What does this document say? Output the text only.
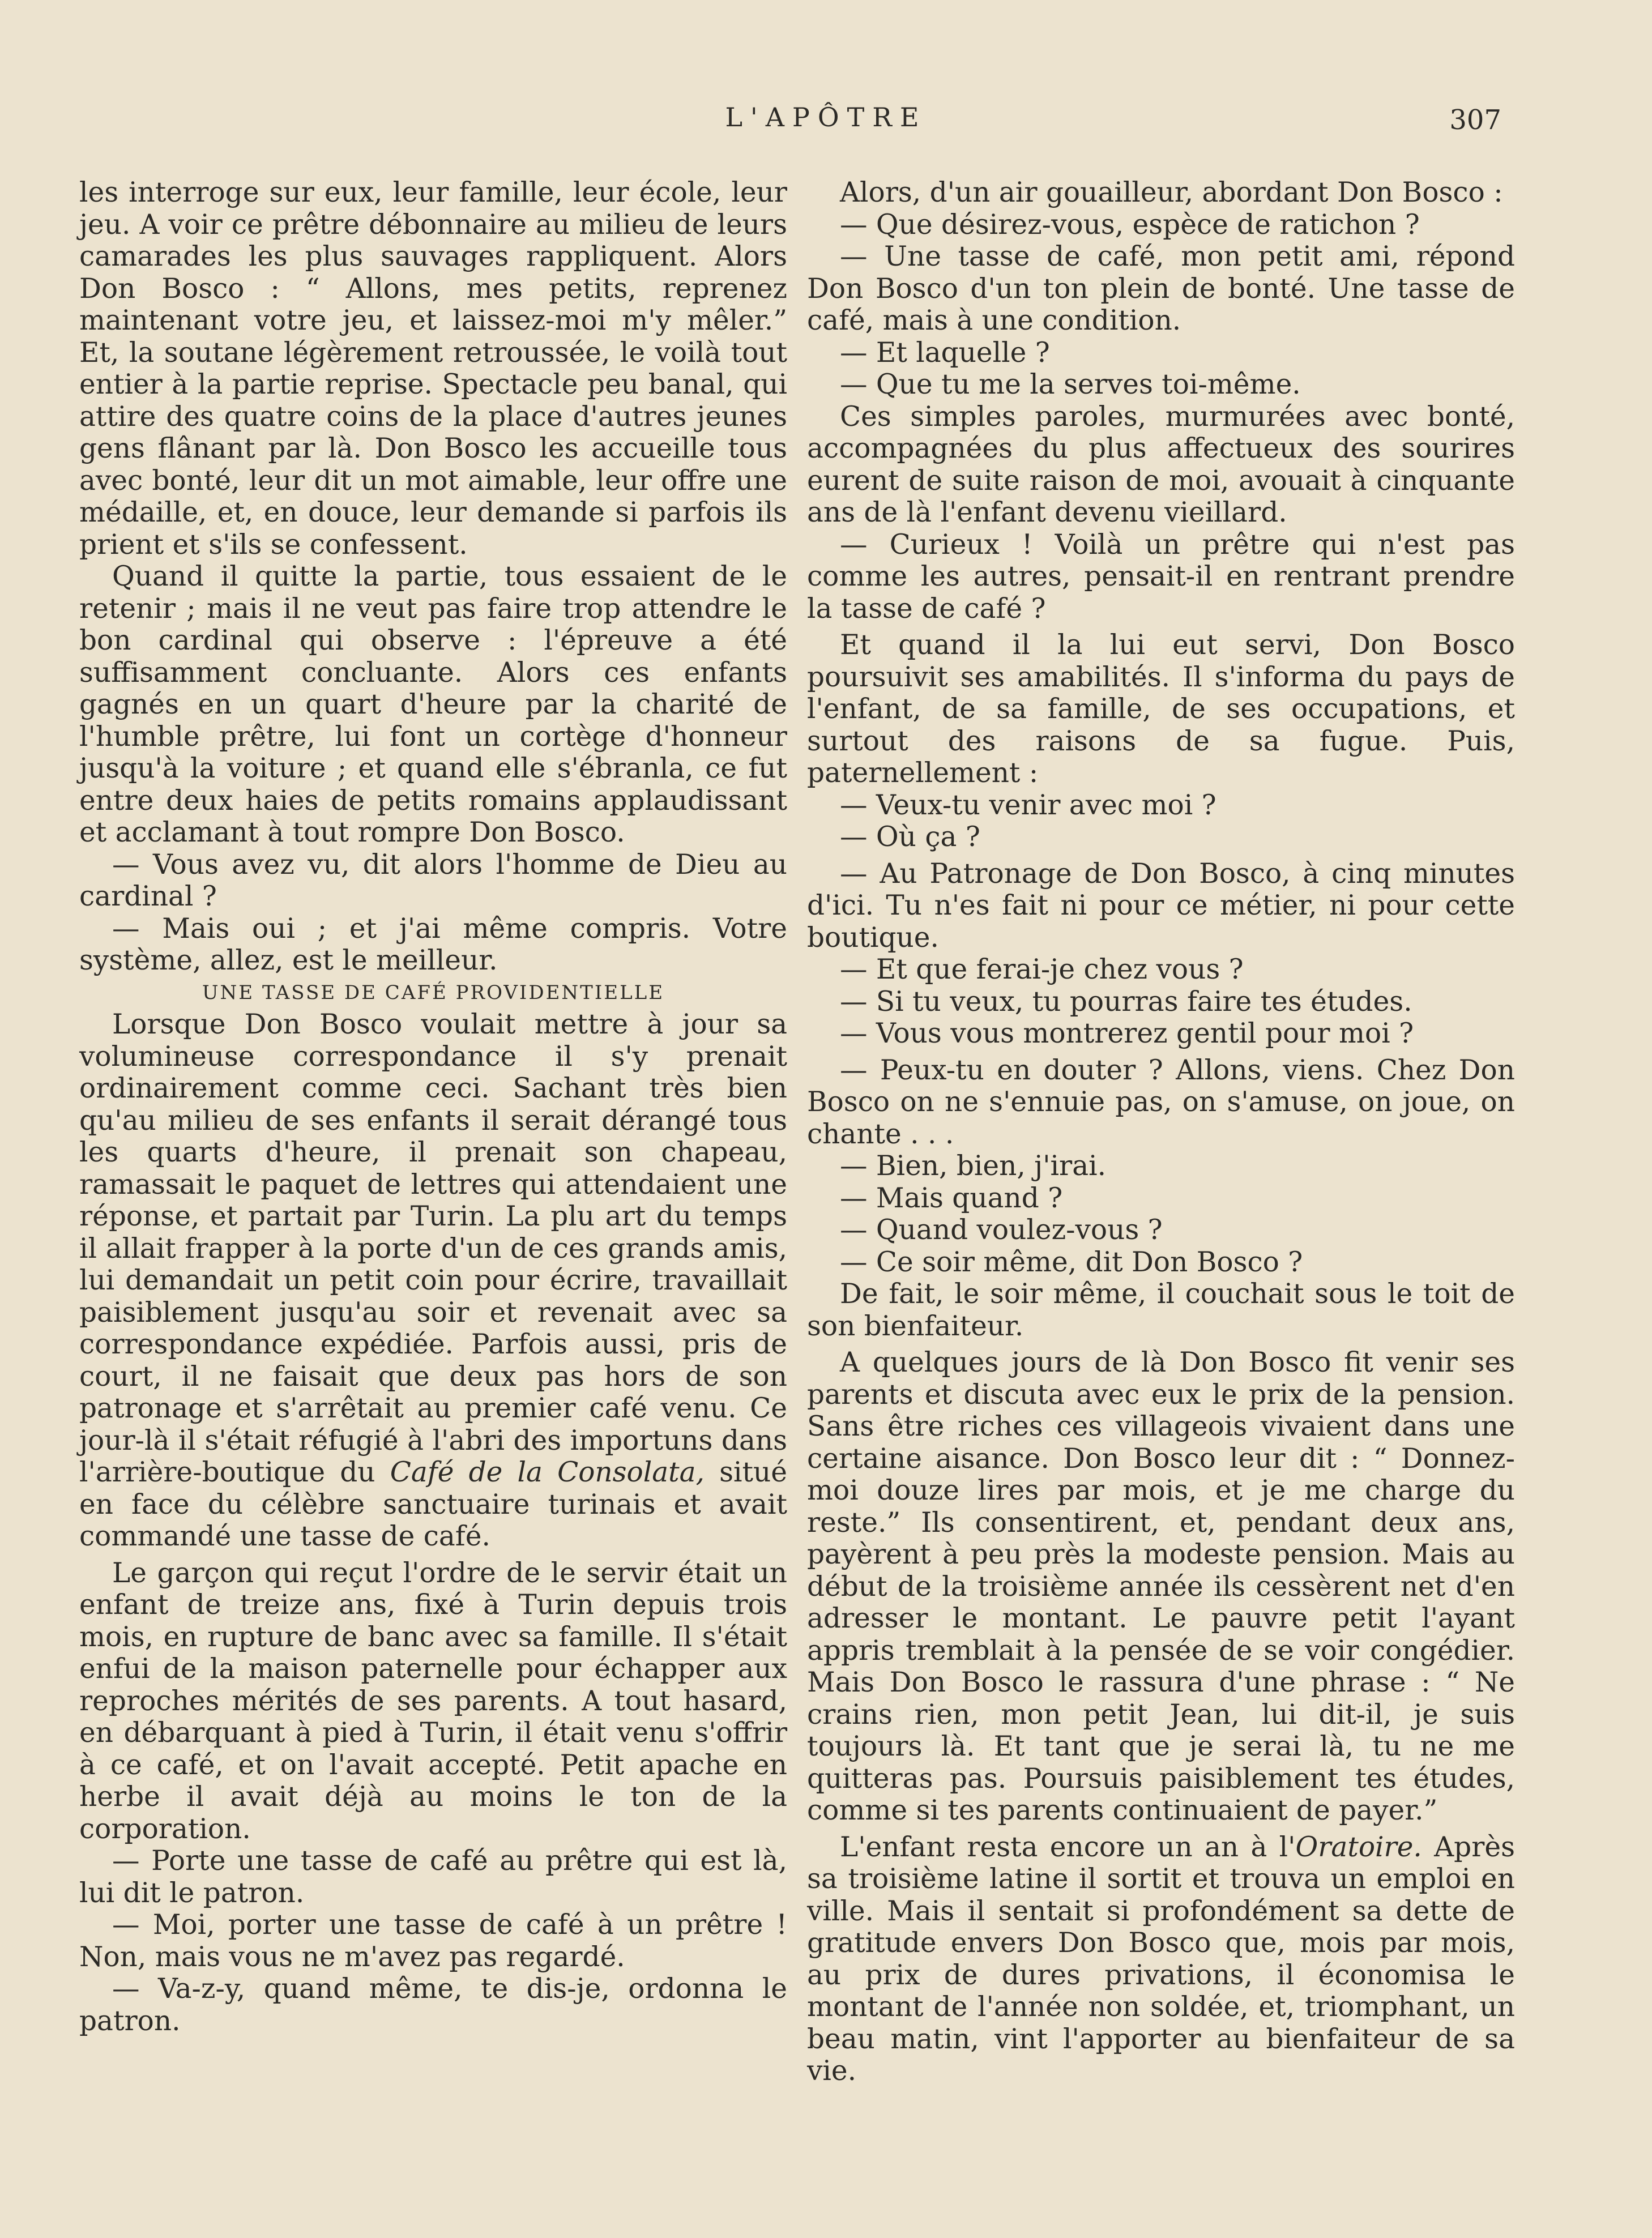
L'APÔTRE	307

les interroge sur eux, leur famille, leur école, leur jeu. A voir ce prêtre débonnaire au milieu de leurs camarades les plus sauvages rappliquent. Alors Don Bosco : “ Allons, mes petits, reprenez maintenant votre jeu, et laissez-moi m'y mêler.” Et, la soutane légèrement retroussée, le voilà tout entier à la partie reprise. Spectacle peu banal, qui attire des quatre coins de la place d'autres jeunes gens flânant par là. Don Bosco les accueille tous avec bonté, leur dit un mot aimable, leur offre une médaille, et, en douce, leur demande si parfois ils prient et s'ils se confessent.

Quand il quitte la partie, tous essaient de le retenir ; mais il ne veut pas faire trop attendre le bon cardinal qui observe : l'épreuve a été suffisamment concluante. Alors ces enfants gagnés en un quart d'heure par la charité de l'humble prêtre, lui font un cortège d'honneur jusqu'à la voiture ; et quand elle s'ébranla, ce fut entre deux haies de petits romains applaudissant et acclamant à tout rompre Don Bosco.

— Vous avez vu, dit alors l'homme de Dieu au cardinal ?

— Mais oui ; et j'ai même compris. Votre système, allez, est le meilleur.

UNE TASSE DE CAFÉ PROVIDENTIELLE

Lorsque Don Bosco voulait mettre à jour sa volumineuse correspondance il s'y prenait ordinairement comme ceci. Sachant très bien qu'au milieu de ses enfants il serait dérangé tous les quarts d'heure, il prenait son chapeau, ramassait le paquet de lettres qui attendaient une réponse, et partait par Turin. La plu art du temps il allait frapper à la porte d'un de ces grands amis, lui demandait un petit coin pour écrire, travaillait paisiblement jusqu'au soir et revenait avec sa correspondance expédiée. Parfois aussi, pris de court, il ne faisait que deux pas hors de son patronage et s'arrêtait au premier café venu. Ce jour-là il s'était réfugié à l'abri des importuns dans l'arrière-boutique du Café de la Consolata, situé en face du célèbre sanctuaire turinais et avait commandé une tasse de café.

Le garçon qui reçut l'ordre de le servir était un enfant de treize ans, fixé à Turin depuis trois mois, en rupture de banc avec sa famille. Il s'était enfui de la maison paternelle pour échapper aux reproches mérités de ses parents. A tout hasard, en débarquant à pied à Turin, il était venu s'offrir à ce café, et on l'avait accepté. Petit apache en herbe il avait déjà au moins le ton de la corporation.

— Porte une tasse de café au prêtre qui est là, lui dit le patron.

— Moi, porter une tasse de café à un prêtre ! Non, mais vous ne m'avez pas regardé.

— Va-z-y, quand même, te dis-je, ordonna le patron.

Alors, d'un air gouailleur, abordant Don Bosco :

— Que désirez-vous, espèce de ratichon ?

— Une tasse de café, mon petit ami, répond Don Bosco d'un ton plein de bonté. Une tasse de café, mais à une condition.

— Et laquelle ?

— Que tu me la serves toi-même.

Ces simples paroles, murmurées avec bonté, accompagnées du plus affectueux des sourires eurent de suite raison de moi, avouait à cinquante ans de là l'enfant devenu vieillard.

— Curieux ! Voilà un prêtre qui n'est pas comme les autres, pensait-il en rentrant prendre la tasse de café ?

Et quand il la lui eut servi, Don Bosco poursuivit ses amabilités. Il s'informa du pays de l'enfant, de sa famille, de ses occupations, et surtout des raisons de sa fugue. Puis, paternellement :

— Veux-tu venir avec moi ?

— Où ça ?

— Au Patronage de Don Bosco, à cinq minutes d'ici. Tu n'es fait ni pour ce métier, ni pour cette boutique.

— Et que ferai-je chez vous ?

— Si tu veux, tu pourras faire tes études.

— Vous vous montrerez gentil pour moi ?

— Peux-tu en douter ? Allons, viens. Chez Don Bosco on ne s'ennuie pas, on s'amuse, on joue, on chante . . .

— Bien, bien, j'irai.

— Mais quand ?

— Quand voulez-vous ?

— Ce soir même, dit Don Bosco ?

De fait, le soir même, il couchait sous le toit de son bienfaiteur.

A quelques jours de là Don Bosco fit venir ses parents et discuta avec eux le prix de la pension. Sans être riches ces villageois vivaient dans une certaine aisance. Don Bosco leur dit : “ Donnez-moi douze lires par mois, et je me charge du reste.” Ils consentirent, et, pendant deux ans, payèrent à peu près la modeste pension. Mais au début de la troisième année ils cessèrent net d'en adresser le montant. Le pauvre petit l'ayant appris tremblait à la pensée de se voir congédier. Mais Don Bosco le rassura d'une phrase : “ Ne crains rien, mon petit Jean, lui dit-il, je suis toujours là. Et tant que je serai là, tu ne me quitteras pas. Poursuis paisiblement tes études, comme si tes parents continuaient de payer.”

L'enfant resta encore un an à l'Oratoire. Après sa troisième latine il sortit et trouva un emploi en ville. Mais il sentait si profondément sa dette de gratitude envers Don Bosco que, mois par mois, au prix de dures privations, il économisa le montant de l'année non soldée, et, triomphant, un beau matin, vint l'apporter au bienfaiteur de sa vie.
